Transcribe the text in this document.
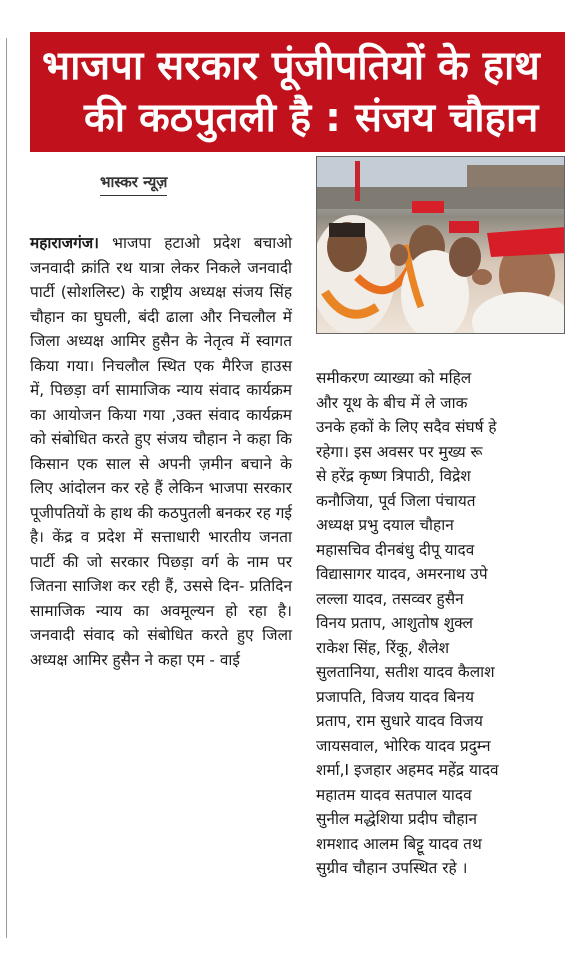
भाजपा सरकार पूंजीपतियों के हाथ
की कठपुतली है : संजय चौहान
भास्कर न्यूज़
महाराजगंज। भाजपा हटाओ प्रदेश बचाओ जनवादी क्रांति रथ यात्रा लेकर निकले जनवादी पार्टी (सोशलिस्ट) के राष्ट्रीय अध्यक्ष संजय सिंह चौहान का घुघली, बंदी ढाला और निचलौल में जिला अध्यक्ष आमिर हुसैन के नेतृत्व में स्वागत किया गया। निचलौल स्थित एक मैरिज हाउस में, पिछड़ा वर्ग सामाजिक न्याय संवाद कार्यक्रम का आयोजन किया गया ,उक्त संवाद कार्यक्रम को संबोधित करते हुए संजय चौहान ने कहा कि किसान एक साल से अपनी ज़मीन बचाने के लिए आंदोलन कर रहे हैं लेकिन भाजपा सरकार पूजीपतियों के हाथ की कठपुतली बनकर रह गई है। केंद्र व प्रदेश में सत्ताधारी भारतीय जनता पार्टी की जो सरकार पिछड़ा वर्ग के नाम पर जितना साजिश कर रही हैं, उससे दिन- प्रतिदिन सामाजिक न्याय का अवमूल्यन हो रहा है। जनवादी संवाद को संबोधित करते हुए जिला अध्यक्ष आमिर हुसैन ने कहा एम - वाई
समीकरण व्याख्या को महिल
और यूथ के बीच में ले जाक
उनके हकों के लिए सदैव संघर्ष हे
रहेगा। इस अवसर पर मुख्य रू
से हरेंद्र कृष्ण त्रिपाठी, विद्रेश
कनौजिया, पूर्व जिला पंचायत
अध्यक्ष प्रभु दयाल चौहान
महासचिव दीनबंधु दीपू यादव
विद्यासागर यादव, अमरनाथ उपे
लल्ला यादव, तसव्वर हुसैन
विनय प्रताप, आशुतोष शुक्ल
राकेश सिंह, रिंकू, शैलेश
सुलतानिया, सतीश यादव कैलाश
प्रजापति, विजय यादव बिनय
प्रताप, राम सुधारे यादव विजय
जायसवाल, भोरिक यादव प्रदुम्न
शर्मा,I इजहार अहमद महेंद्र यादव
महातम यादव सतपाल यादव
सुनील मद्धेशिया प्रदीप चौहान
शमशाद आलम बिट्टू यादव तथ
सुग्रीव चौहान उपस्थित रहे ।
